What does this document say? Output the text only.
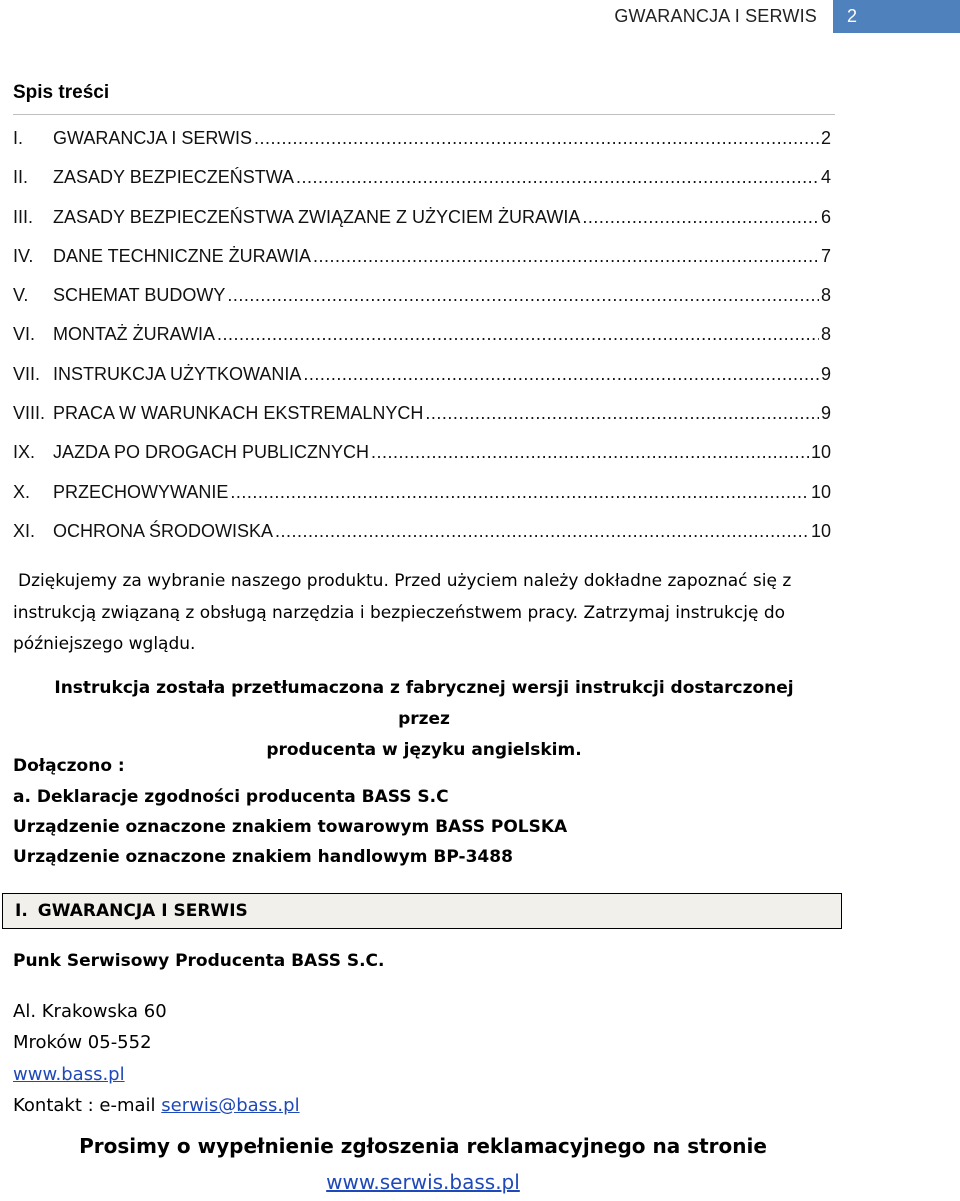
GWARANCJA I SERWIS	2
Spis treści
I.	GWARANCJA I SERWIS .....	2
II.	ZASADY BEZPIECZEŃSTWA .....	4
III.	ZASADY BEZPIECZEŃSTWA ZWIĄZANE Z UŻYCIEM ŻURAWIA .....	6
IV.	DANE TECHNICZNE ŻURAWIA .....	7
V.	SCHEMAT BUDOWY .....	8
VI. MONTAŻ ŻURAWIA .....	8
VII. INSTRUKCJA UŻYTKOWANIA .....	9
VIII. PRACA W WARUNKACH EKSTREMALNYCH .....	9
IX. JAZDA PO DROGACH PUBLICZNYCH .....	10
X.	PRZECHOWYWANIE .....	10
XI. OCHRONA ŚRODOWISKA .....	10
Dziękujemy za wybranie naszego produktu. Przed użyciem należy dokładne zapoznać się z instrukcją związaną z obsługą narzędzia i bezpieczeństwem pracy. Zatrzymaj instrukcję do późniejszego wglądu.
Instrukcja została przetłumaczona z fabrycznej wersji instrukcji dostarczonej przez
producenta w języku angielskim.
Dołączono :
a. Deklaracje zgodności producenta BASS S.C
Urządzenie oznaczone znakiem towarowym BASS POLSKA
Urządzenie oznaczone znakiem handlowym BP-3488
I. GWARANCJA I SERWIS
Punk Serwisowy Producenta BASS S.C.
Al. Krakowska 60
Mroków 05-552
www.bass.pl
Kontakt : e-mail serwis@bass.pl
Prosimy o wypełnienie zgłoszenia reklamacyjnego na stronie
www.serwis.bass.pl
